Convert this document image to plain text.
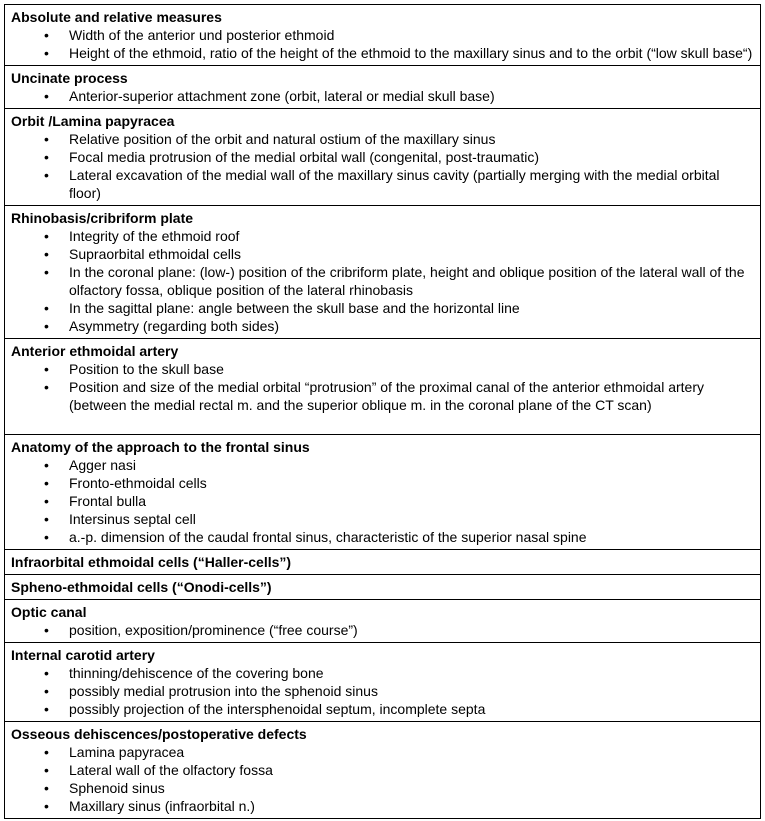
Absolute and relative measures
• Width of the anterior und posterior ethmoid
• Height of the ethmoid, ratio of the height of the ethmoid to the maxillary sinus and to the orbit (“low skull base“)
Uncinate process
• Anterior-superior attachment zone (orbit, lateral or medial skull base)
Orbit /Lamina papyracea
• Relative position of the orbit and natural ostium of the maxillary sinus
• Focal media protrusion of the medial orbital wall (congenital, post-traumatic)
• Lateral excavation of the medial wall of the maxillary sinus cavity (partially merging with the medial orbital floor)
Rhinobasis/cribriform plate
• Integrity of the ethmoid roof
• Supraorbital ethmoidal cells
• In the coronal plane: (low-) position of the cribriform plate, height and oblique position of the lateral wall of the olfactory fossa, oblique position of the lateral rhinobasis
• In the sagittal plane: angle between the skull base and the horizontal line
• Asymmetry (regarding both sides)
Anterior ethmoidal artery
• Position to the skull base
• Position and size of the medial orbital “protrusion” of the proximal canal of the anterior ethmoidal artery (between the medial rectal m. and the superior oblique m. in the coronal plane of the CT scan)
Anatomy of the approach to the frontal sinus
• Agger nasi
• Fronto-ethmoidal cells
• Frontal bulla
• Intersinus septal cell
• a.-p. dimension of the caudal frontal sinus, characteristic of the superior nasal spine
Infraorbital ethmoidal cells (“Haller-cells”)
Spheno-ethmoidal cells (“Onodi-cells”)
Optic canal
• position, exposition/prominence (“free course”)
Internal carotid artery
• thinning/dehiscence of the covering bone
• possibly medial protrusion into the sphenoid sinus
• possibly projection of the intersphenoidal septum, incomplete septa
Osseous dehiscences/postoperative defects
• Lamina papyracea
• Lateral wall of the olfactory fossa
• Sphenoid sinus
• Maxillary sinus (infraorbital n.)
